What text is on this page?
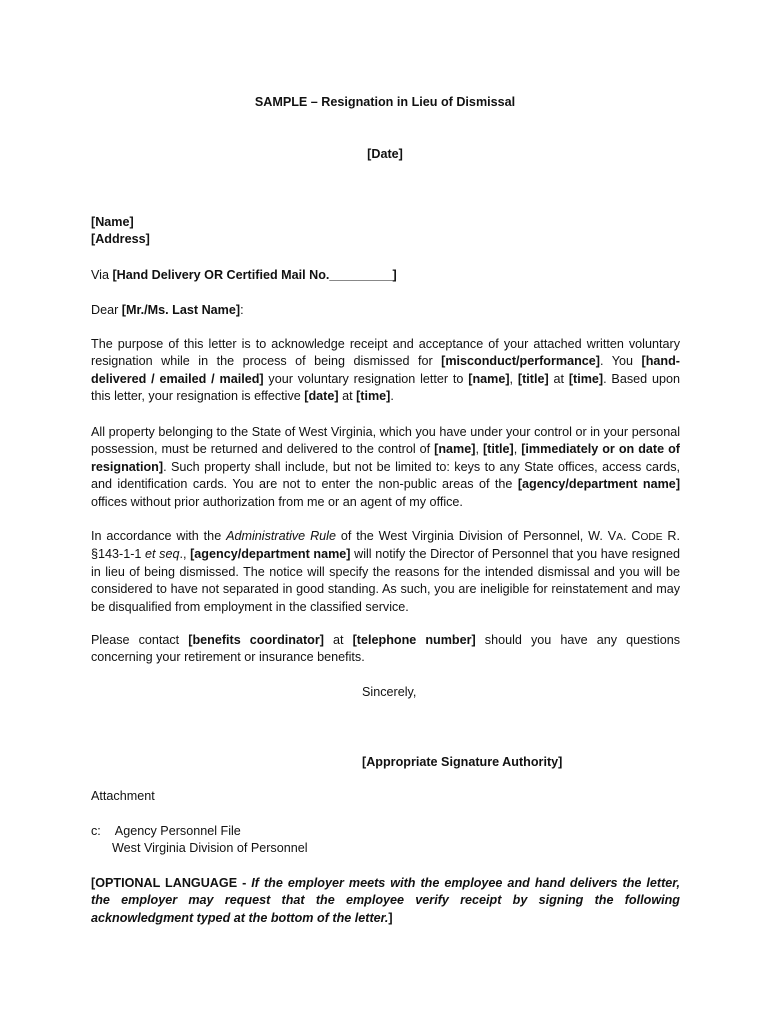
SAMPLE – Resignation in Lieu of Dismissal
[Date]
[Name]
[Address]
Via [Hand Delivery OR Certified Mail No._________]
Dear [Mr./Ms. Last Name]:
The purpose of this letter is to acknowledge receipt and acceptance of your attached written voluntary resignation while in the process of being dismissed for [misconduct/performance]. You [hand-delivered / emailed / mailed] your voluntary resignation letter to [name], [title] at [time]. Based upon this letter, your resignation is effective [date] at [time].
All property belonging to the State of West Virginia, which you have under your control or in your personal possession, must be returned and delivered to the control of [name], [title], [immediately or on date of resignation]. Such property shall include, but not be limited to: keys to any State offices, access cards, and identification cards. You are not to enter the non-public areas of the [agency/department name] offices without prior authorization from me or an agent of my office.
In accordance with the Administrative Rule of the West Virginia Division of Personnel, W. VA. CODE R. §143-1-1 et seq., [agency/department name] will notify the Director of Personnel that you have resigned in lieu of being dismissed. The notice will specify the reasons for the intended dismissal and you will be considered to have not separated in good standing. As such, you are ineligible for reinstatement and may be disqualified from employment in the classified service.
Please contact [benefits coordinator] at [telephone number] should you have any questions concerning your retirement or insurance benefits.
Sincerely,
[Appropriate Signature Authority]
Attachment
c: Agency Personnel File
West Virginia Division of Personnel
[OPTIONAL LANGUAGE - If the employer meets with the employee and hand delivers the letter, the employer may request that the employee verify receipt by signing the following acknowledgment typed at the bottom of the letter.]
